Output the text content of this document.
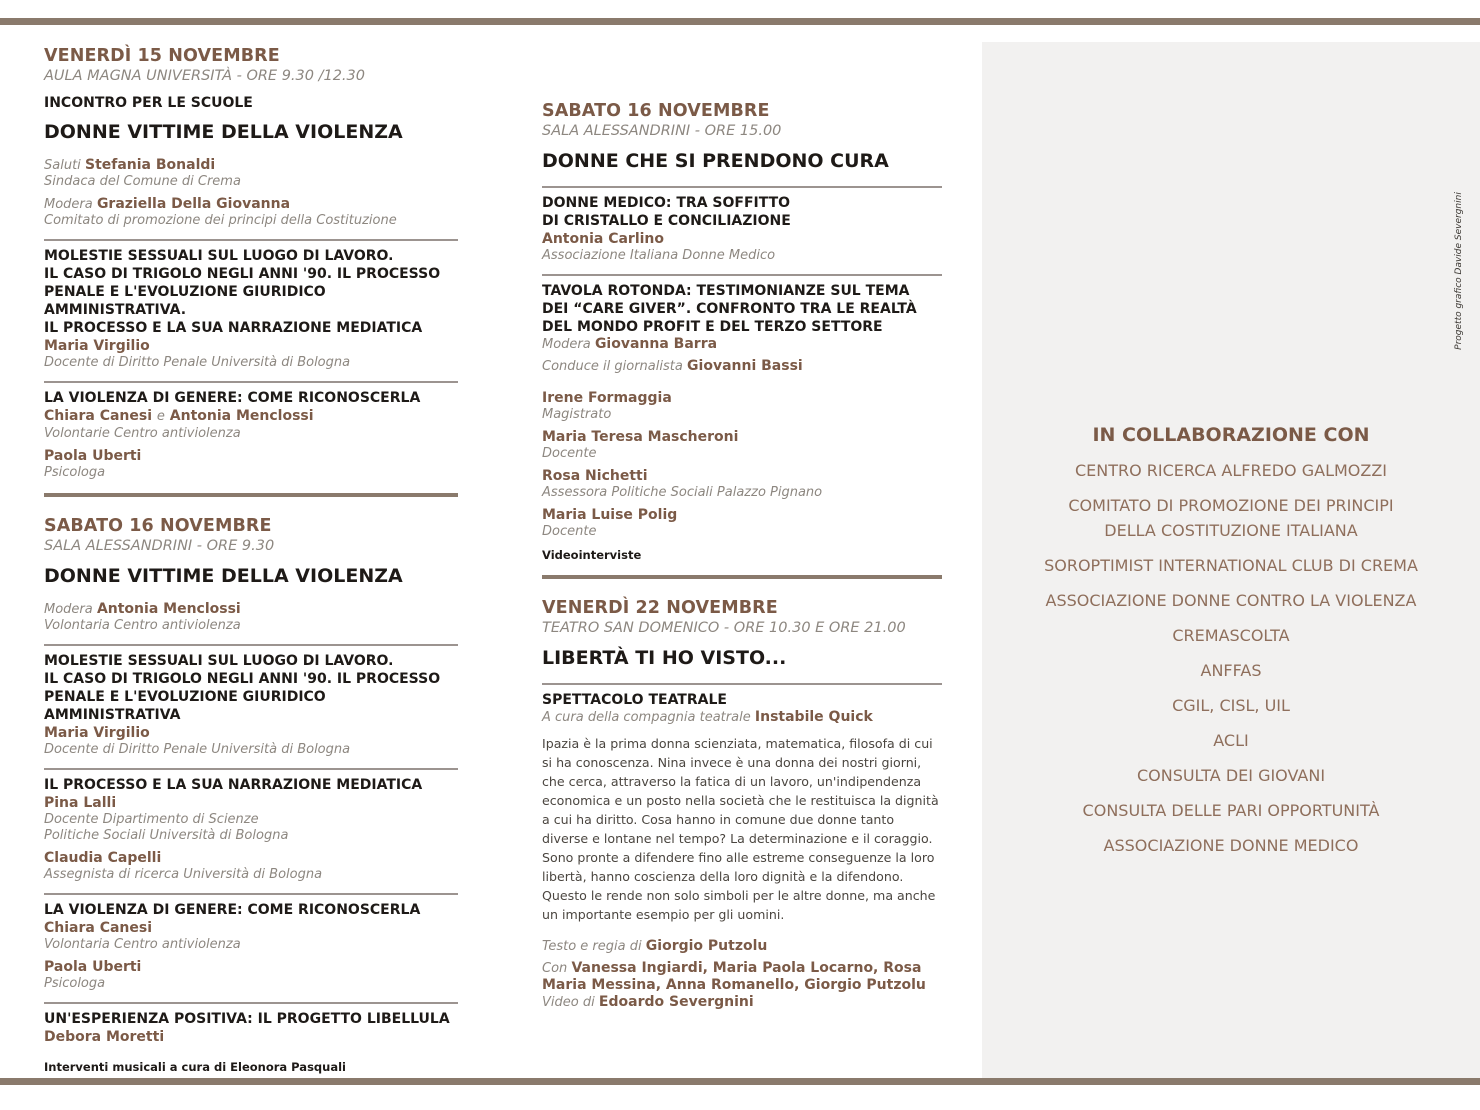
VENERDÌ 15 NOVEMBRE
AULA MAGNA UNIVERSITÀ - ORE 9.30 /12.30
INCONTRO PER LE SCUOLE
DONNE VITTIME DELLA VIOLENZA
Saluti Stefania Bonaldi
Sindaca del Comune di Crema
Modera Graziella Della Giovanna
Comitato di promozione dei principi della Costituzione
MOLESTIE SESSUALI SUL LUOGO DI LAVORO.
IL CASO DI TRIGOLO NEGLI ANNI '90. IL PROCESSO
PENALE E L'EVOLUZIONE GIURIDICO AMMINISTRATIVA.
IL PROCESSO E LA SUA NARRAZIONE MEDIATICA
Maria Virgilio
Docente di Diritto Penale Università di Bologna
LA VIOLENZA DI GENERE: COME RICONOSCERLA
Chiara Canesi e Antonia Menclossi
Volontarie Centro antiviolenza
Paola Uberti
Psicologa
SABATO 16 NOVEMBRE
SALA ALESSANDRINI - ORE 9.30
DONNE VITTIME DELLA VIOLENZA
Modera Antonia Menclossi
Volontaria Centro antiviolenza
MOLESTIE SESSUALI SUL LUOGO DI LAVORO.
IL CASO DI TRIGOLO NEGLI ANNI '90. IL PROCESSO
PENALE E L'EVOLUZIONE GIURIDICO AMMINISTRATIVA
Maria Virgilio
Docente di Diritto Penale Università di Bologna
IL PROCESSO E LA SUA NARRAZIONE MEDIATICA
Pina Lalli
Docente Dipartimento di Scienze
Politiche Sociali Università di Bologna
Claudia Capelli
Assegnista di ricerca Università di Bologna
LA VIOLENZA DI GENERE: COME RICONOSCERLA
Chiara Canesi
Volontaria Centro antiviolenza
Paola Uberti
Psicologa
UN'ESPERIENZA POSITIVA: IL PROGETTO LIBELLULA
Debora Moretti
Interventi musicali a cura di Eleonora Pasquali
SABATO 16 NOVEMBRE
SALA ALESSANDRINI - ORE 15.00
DONNE CHE SI PRENDONO CURA
DONNE MEDICO: TRA SOFFITTO
DI CRISTALLO E CONCILIAZIONE
Antonia Carlino
Associazione Italiana Donne Medico
TAVOLA ROTONDA: TESTIMONIANZE SUL TEMA
DEI “CARE GIVER”. CONFRONTO TRA LE REALTÀ
DEL MONDO PROFIT E DEL TERZO SETTORE
Modera Giovanna Barra
Conduce il giornalista Giovanni Bassi
Irene Formaggia
Magistrato
Maria Teresa Mascheroni
Docente
Rosa Nichetti
Assessora Politiche Sociali Palazzo Pignano
Maria Luise Polig
Docente
Videointerviste
VENERDÌ 22 NOVEMBRE
TEATRO SAN DOMENICO - ORE 10.30 E ORE 21.00
LIBERTÀ TI HO VISTO...
SPETTACOLO TEATRALE
A cura della compagnia teatrale Instabile Quick
Ipazia è la prima donna scienziata, matematica, filosofa di cui si ha conoscenza. Nina invece è una donna dei nostri giorni, che cerca, attraverso la fatica di un lavoro, un'indipendenza economica e un posto nella società che le restituisca la dignità a cui ha diritto. Cosa hanno in comune due donne tanto diverse e lontane nel tempo? La determinazione e il coraggio. Sono pronte a difendere fino alle estreme conseguenze la loro libertà, hanno coscienza della loro dignità e la difendono. Questo le rende non solo simboli per le altre donne, ma anche un importante esempio per gli uomini.
Testo e regia di Giorgio Putzolu
Con Vanessa Ingiardi, Maria Paola Locarno, Rosa
Maria Messina, Anna Romanello, Giorgio Putzolu
Video di Edoardo Severgnini
Progetto grafico Davide Severgnini
IN COLLABORAZIONE CON
CENTRO RICERCA ALFREDO GALMOZZI
COMITATO DI PROMOZIONE DEI PRINCIPI
DELLA COSTITUZIONE ITALIANA
SOROPTIMIST INTERNATIONAL CLUB DI CREMA
ASSOCIAZIONE DONNE CONTRO LA VIOLENZA
CREMASCOLTA
ANFFAS
CGIL, CISL, UIL
ACLI
CONSULTA DEI GIOVANI
CONSULTA DELLE PARI OPPORTUNITÀ
ASSOCIAZIONE DONNE MEDICO
